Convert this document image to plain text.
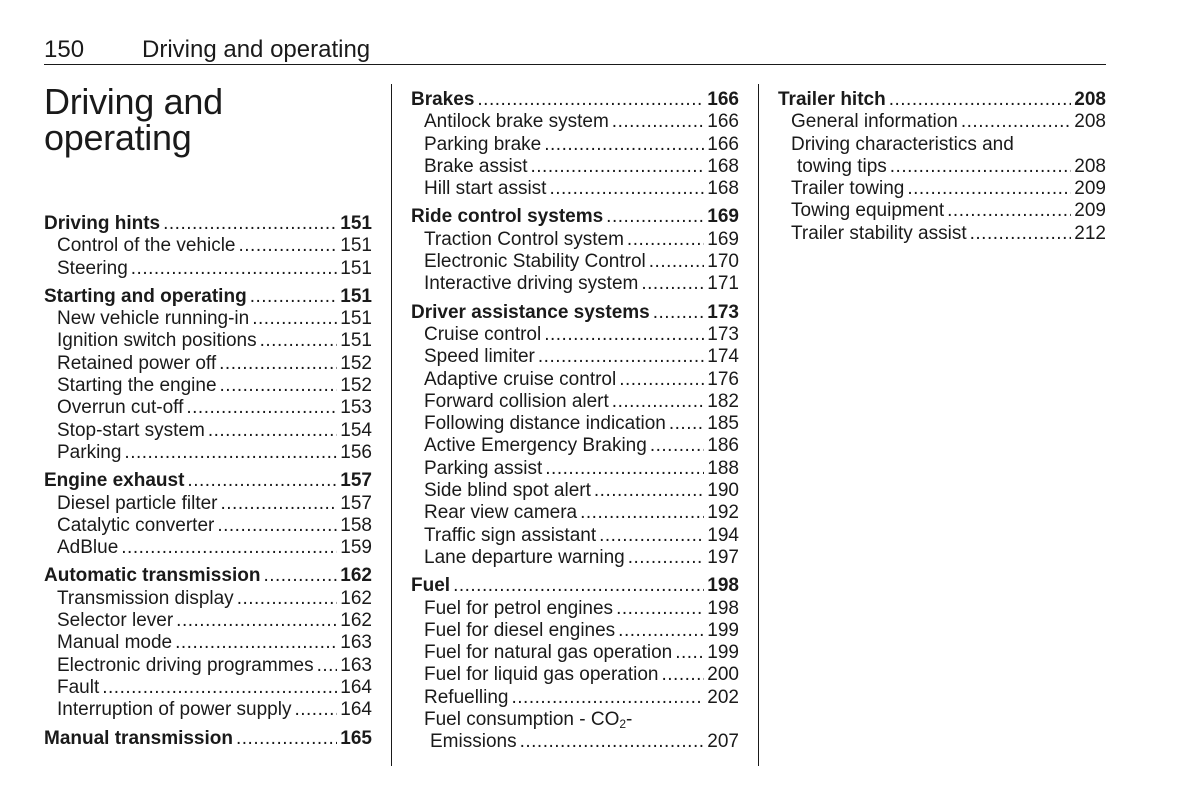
150 Driving and operating
Driving and operating
Driving hints .....	151
Control of the vehicle .....	151
Steering .....	151
Starting and operating .....	151
New vehicle running-in .....	151
Ignition switch positions .....	151
Retained power off .....	152
Starting the engine .....	152
Overrun cut-off .....	153
Stop-start system .....	154
Parking .....	156
Engine exhaust .....	157
Diesel particle filter .....	157
Catalytic converter .....	158
AdBlue .....	159
Automatic transmission .....	162
Transmission display .....	162
Selector lever .....	162
Manual mode .....	163
Electronic driving programmes ..... 163
Fault .....	164
Interruption of power supply .....	164
Manual transmission .....	165
Brakes .....	166
Antilock brake system .....	166
Parking brake .....	166
Brake assist .....	168
Hill start assist .....	168
Ride control systems .....	169
Traction Control system .....	169
Electronic Stability Control .....	170
Interactive driving system .....	171
Driver assistance systems .....	173
Cruise control .....	173
Speed limiter .....	174
Adaptive cruise control .....	176
Forward collision alert .....	182
Following distance indication ..... 185
Active Emergency Braking .....	186
Parking assist .....	188
Side blind spot alert .....	190
Rear view camera .....	192
Traffic sign assistant .....	194
Lane departure warning .....	197
Fuel .....	198
Fuel for petrol engines .....	198
Fuel for diesel engines .....	199
Fuel for natural gas operation ..... 199
Fuel for liquid gas operation .....	200
Refuelling .....	202
Fuel consumption - $CO_2-$
Emissions .....	207
Trailer hitch .....	208
General information .....	208
Driving characteristics and
towing tips .....	208
Trailer towing .....	209
Towing equipment .....	209
Trailer stability assist .....	212
